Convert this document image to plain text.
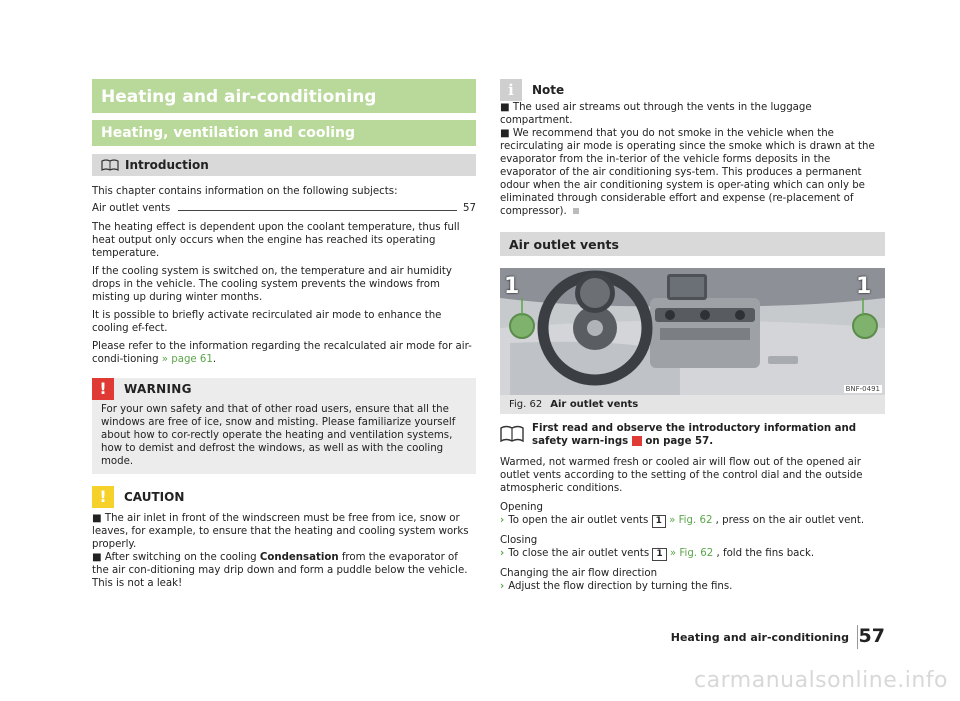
Heating and air-conditioning
Heating, ventilation and cooling
Introduction

This chapter contains information on the following subjects:

Air outlet vents	57

The heating effect is dependent upon the coolant temperature, thus full heat output only occurs when the engine has reached its operating temperature.

If the cooling system is switched on, the temperature and air humidity drops in the vehicle. The cooling system prevents the windows from misting up during winter months.

It is possible to briefly activate recirculated air mode to enhance the cooling ef-fect.

Please refer to the information regarding the recalculated air mode for air-condi-tioning » page 61.

!	WARNING

For your own safety and that of other road users, ensure that all the windows are free of ice, snow and misting. Please familiarize yourself about how to cor-rectly operate the heating and ventilation systems, how to demist and defrost the windows, as well as with the cooling mode.

!	CAUTION

■ The air inlet in front of the windscreen must be free from ice, snow or leaves, for example, to ensure that the heating and cooling system works properly.

■ After switching on the cooling Condensation from the evaporator of the air con-ditioning may drip down and form a puddle below the vehicle. This is not a leak!

i	Note

■ The used air streams out through the vents in the luggage compartment.

■ We recommend that you do not smoke in the vehicle when the recirculating air mode is operating since the smoke which is drawn at the evaporator from the in-terior of the vehicle forms deposits in the evaporator of the air conditioning sys-tem. This produces a permanent odour when the air conditioning system is oper-ating which can only be eliminated through considerable effort and expense (re-placement of compressor).

Air outlet vents
1	1
BNF-0491
Fig. 62 Air outlet vents

First read and observe the introductory information and safety warn-ings  on page 57.

Warmed, not warmed fresh or cooled air will flow out of the opened air outlet vents according to the setting of the control dial and the outside atmospheric conditions.

Opening

› To open the air outlet vents 1 » Fig. 62 , press on the air outlet vent.

Closing

› To close the air outlet vents 1 » Fig. 62 , fold the fins back.

Changing the air flow direction

› Adjust the flow direction by turning the fins.

Heating and air-conditioning 57
carmanualsonline.info
